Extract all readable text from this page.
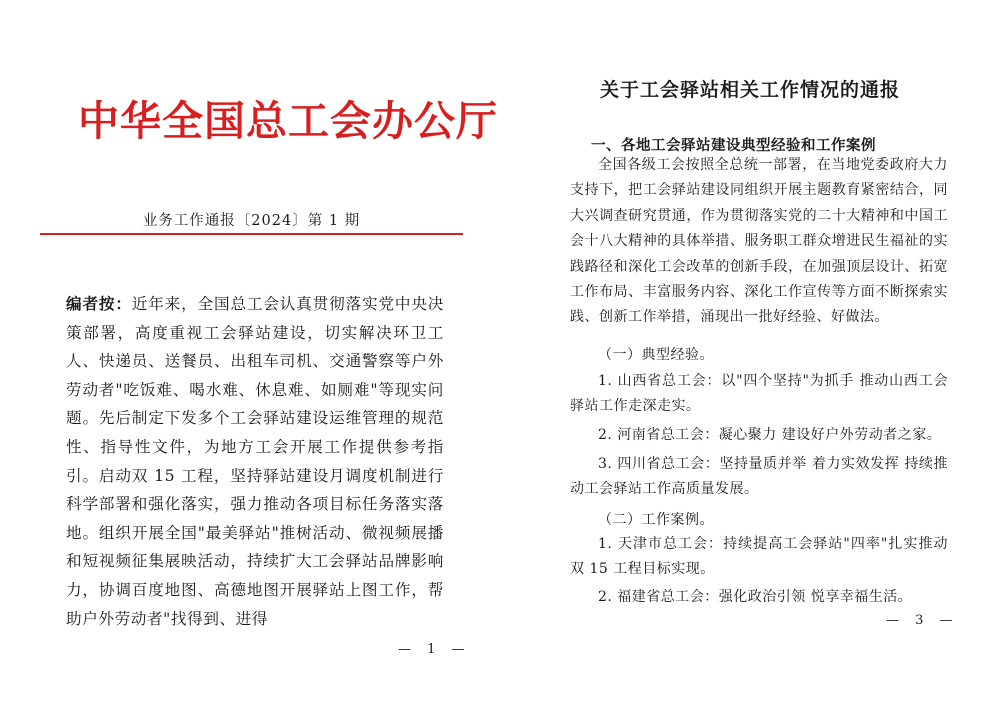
中华全国总工会办公厅
业务工作通报〔2024〕第 1 期

编者按：近年来，全国总工会认真贯彻落实党中央决策部署，高度重视工会驿站建设，切实解决环卫工人、快递员、送餐员、出租车司机、交通警察等户外劳动者"吃饭难、喝水难、休息难、如厕难"等现实问题。先后制定下发多个工会驿站建设运维管理的规范性、指导性文件，为地方工会开展工作提供参考指引。启动双 15 工程，坚持驿站建设月调度机制进行科学部署和强化落实，强力推动各项目标任务落实落地。组织开展全国"最美驿站"推树活动、微视频展播和短视频征集展映活动，持续扩大工会驿站品牌影响力，协调百度地图、高德地图开展驿站上图工作，帮助户外劳动者"找得到、进得

— 1 —
关于工会驿站相关工作情况的通报
一、各地工会驿站建设典型经验和工作案例

全国各级工会按照全总统一部署，在当地党委政府大力支持下，把工会驿站建设同组织开展主题教育紧密结合，同大兴调查研究贯通，作为贯彻落实党的二十大精神和中国工会十八大精神的具体举措、服务职工群众增进民生福祉的实践路径和深化工会改革的创新手段，在加强顶层设计、拓宽工作布局、丰富服务内容、深化工作宣传等方面不断探索实践、创新工作举措，涌现出一批好经验、好做法。

（一）典型经验。

1. 山西省总工会：以"四个坚持"为抓手 推动山西工会驿站工作走深走实。

2. 河南省总工会：凝心聚力 建设好户外劳动者之家。

3. 四川省总工会：坚持量质并举 着力实效发挥 持续推动工会驿站工作高质量发展。

（二）工作案例。

1. 天津市总工会：持续提高工会驿站"四率"扎实推动双 15 工程目标实现。

2. 福建省总工会：强化政治引领 悦享幸福生活。

— 3 —
